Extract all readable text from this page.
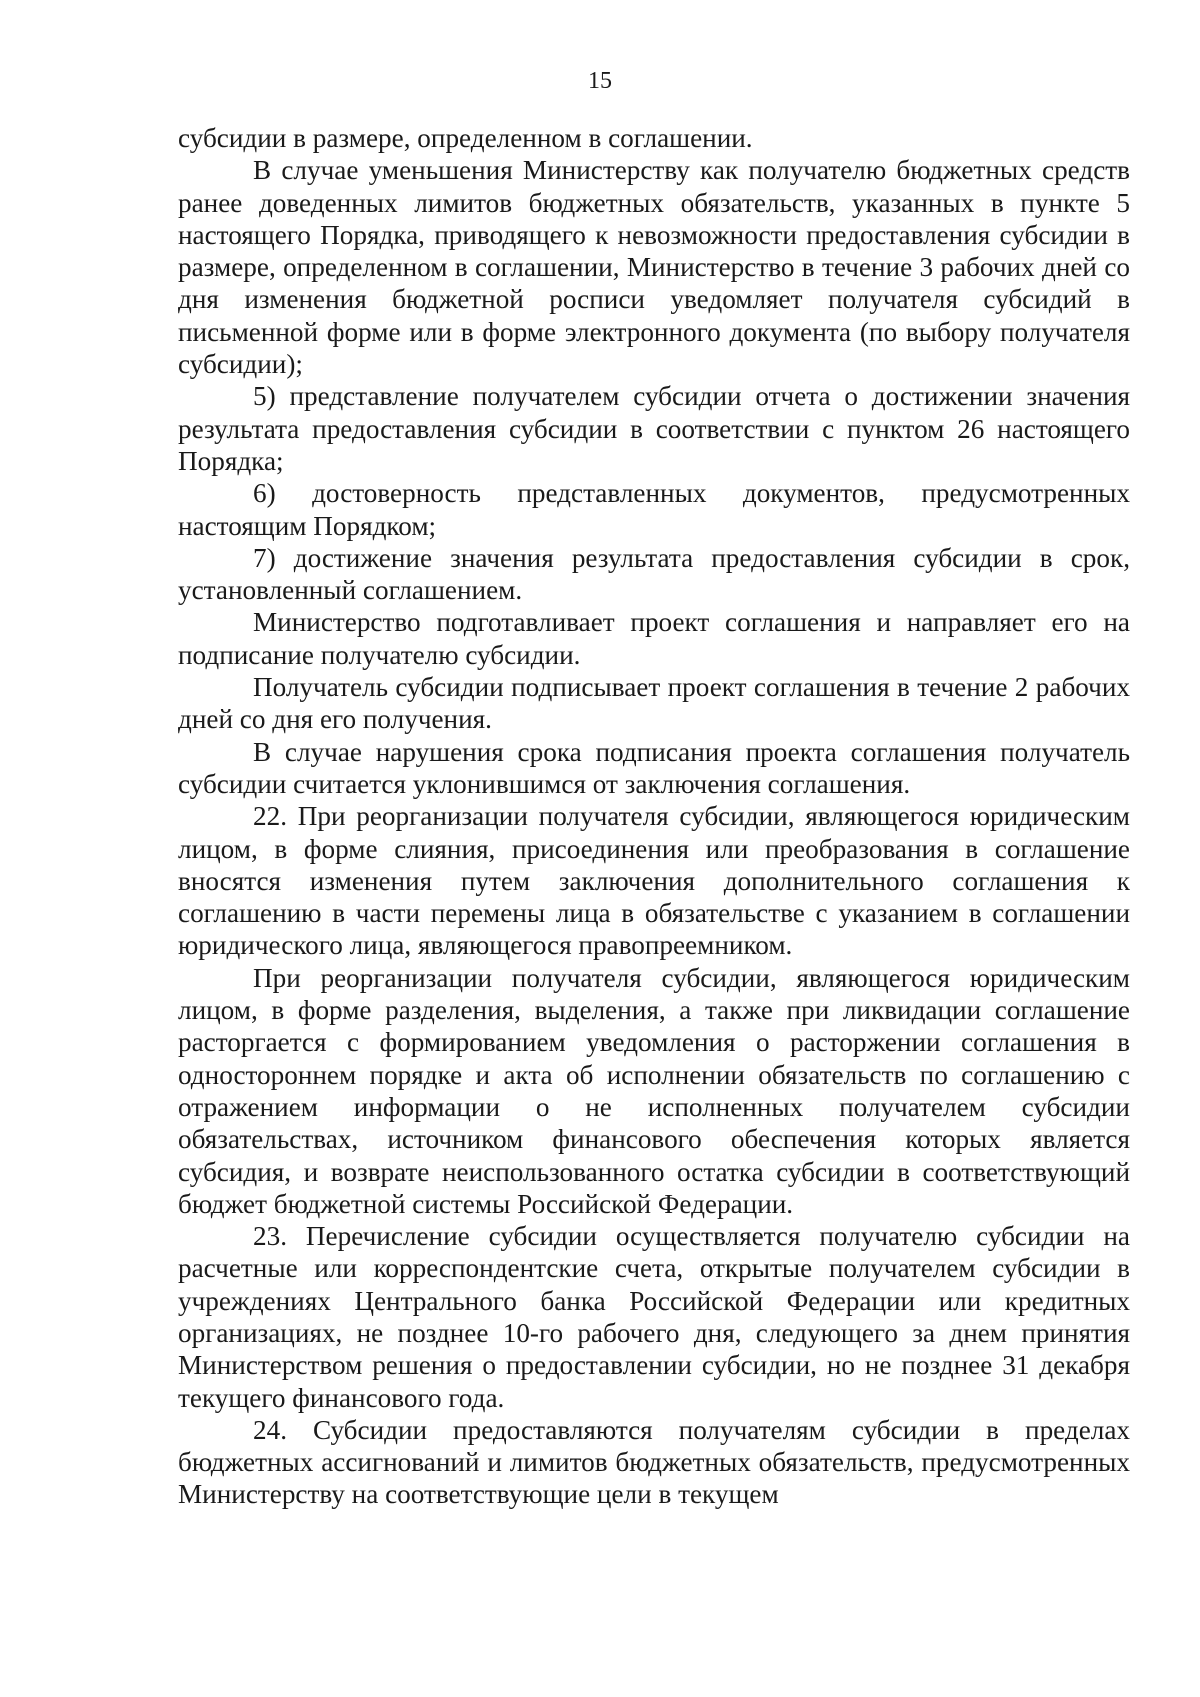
15

субсидии в размере, определенном в соглашении.

В случае уменьшения Министерству как получателю бюджетных средств ранее доведенных лимитов бюджетных обязательств, указанных в пункте 5 настоящего Порядка, приводящего к невозможности предоставления субсидии в размере, определенном в соглашении, Министерство в течение 3 рабочих дней со дня изменения бюджетной росписи уведомляет получателя субсидий в письменной форме или в форме электронного документа (по выбору получателя субсидии);

5) представление получателем субсидии отчета о достижении значения результата предоставления субсидии в соответствии с пунктом 26 настоящего Порядка;

6) достоверность представленных документов, предусмотренных настоящим Порядком;

7) достижение значения результата предоставления субсидии в срок, установленный соглашением.

Министерство подготавливает проект соглашения и направляет его на подписание получателю субсидии.

Получатель субсидии подписывает проект соглашения в течение 2 рабочих дней со дня его получения.

В случае нарушения срока подписания проекта соглашения получатель субсидии считается уклонившимся от заключения соглашения.

22. При реорганизации получателя субсидии, являющегося юридическим лицом, в форме слияния, присоединения или преобразования в соглашение вносятся изменения путем заключения дополнительного соглашения к соглашению в части перемены лица в обязательстве с указанием в соглашении юридического лица, являющегося правопреемником.

При реорганизации получателя субсидии, являющегося юридическим лицом, в форме разделения, выделения, а также при ликвидации соглашение расторгается с формированием уведомления о расторжении соглашения в одностороннем порядке и акта об исполнении обязательств по соглашению с отражением информации о не исполненных получателем субсидии обязательствах, источником финансового обеспечения которых является субсидия, и возврате неиспользованного остатка субсидии в соответствующий бюджет бюджетной системы Российской Федерации.

23. Перечисление субсидии осуществляется получателю субсидии на расчетные или корреспондентские счета, открытые получателем субсидии в учреждениях Центрального банка Российской Федерации или кредитных организациях, не позднее 10-го рабочего дня, следующего за днем принятия Министерством решения о предоставлении субсидии, но не позднее 31 декабря текущего финансового года.

24. Субсидии предоставляются получателям субсидии в пределах бюджетных ассигнований и лимитов бюджетных обязательств, предусмотренных Министерству на соответствующие цели в текущем
